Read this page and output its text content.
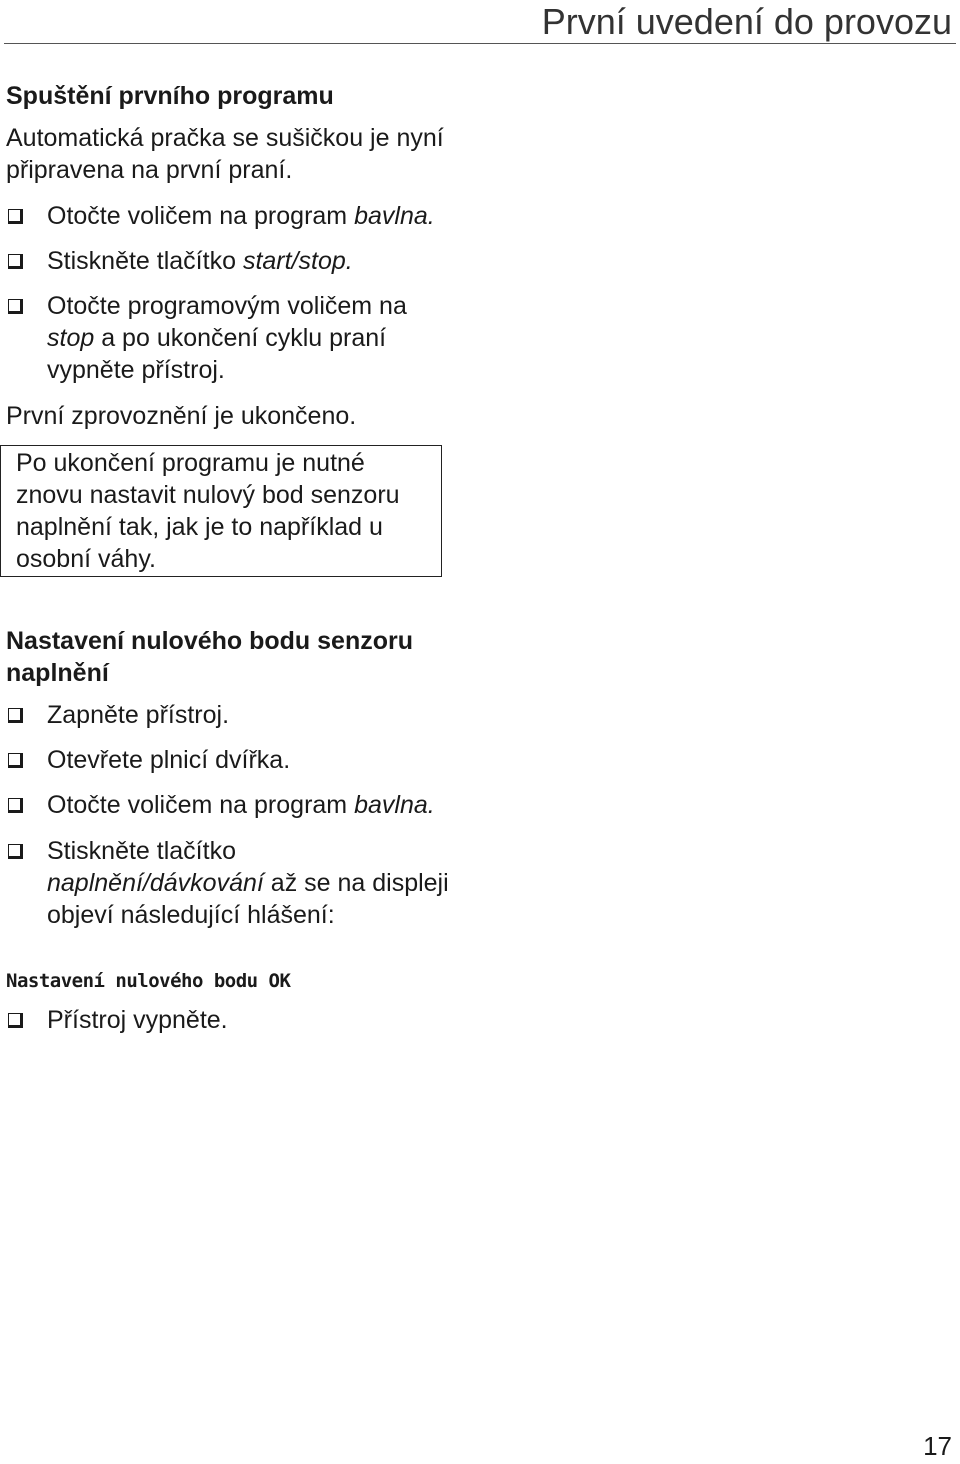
První uvedení do provozu
Spuštění prvního programu

Automatická pračka se sušičkou je nyní připravena na první praní.

Otočte voličem na program bavlna.
Stiskněte tlačítko start/stop.
Otočte programovým voličem na stop a po ukončení cyklu praní vypněte přístroj.

První zprovoznění je ukončeno.

Po ukončení programu je nutné znovu nastavit nulový bod senzoru naplnění tak, jak je to například u osobní váhy.
Nastavení nulového bodu senzoru naplnění
Zapněte přístroj.
Otevřete plnicí dvířka.
Otočte voličem na program bavlna.
Stiskněte tlačítko naplnění/dávkování až se na displeji objeví následující hlášení:
Nastavení nulového bodu OK
Přístroj vypněte.
17
